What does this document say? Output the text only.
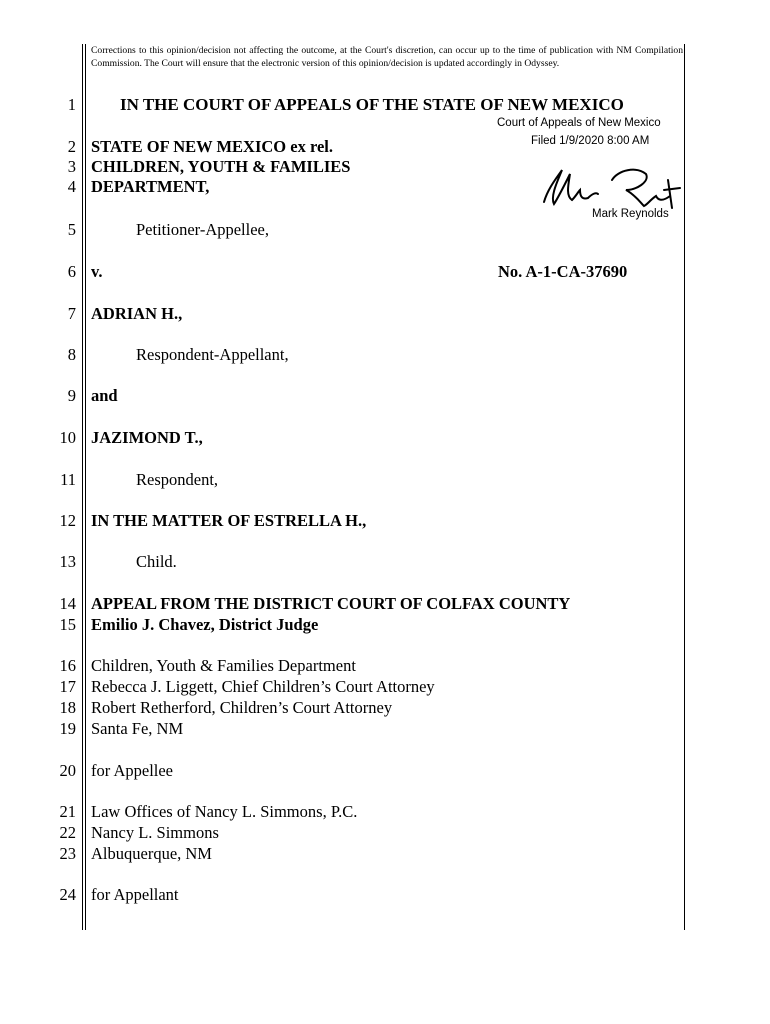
Corrections to this opinion/decision not affecting the outcome, at the Court's discretion, can occur up to the time of publication with NM Compilation Commission. The Court will ensure that the electronic version of this opinion/decision is updated accordingly in Odyssey.
1	IN THE COURT OF APPEALS OF THE STATE OF NEW MEXICO
Court of Appeals of New Mexico
Filed 1/9/2020 8:00 AM
Mark Reynolds
2 STATE OF NEW MEXICO ex rel.
3 CHILDREN, YOUTH & FAMILIES
4 DEPARTMENT,
5	Petitioner-Appellee,
6 v.	No. A-1-CA-37690
7 ADRIAN H.,
8	Respondent-Appellant,
9 and
10 JAZIMOND T.,
11	Respondent,
12 IN THE MATTER OF ESTRELLA H.,
13	Child.
14 APPEAL FROM THE DISTRICT COURT OF COLFAX COUNTY
15 Emilio J. Chavez, District Judge
16 Children, Youth & Families Department
17 Rebecca J. Liggett, Chief Children’s Court Attorney
18 Robert Retherford, Children’s Court Attorney
19 Santa Fe, NM
20 for Appellee
21 Law Offices of Nancy L. Simmons, P.C.
22 Nancy L. Simmons
23 Albuquerque, NM
24 for Appellant
